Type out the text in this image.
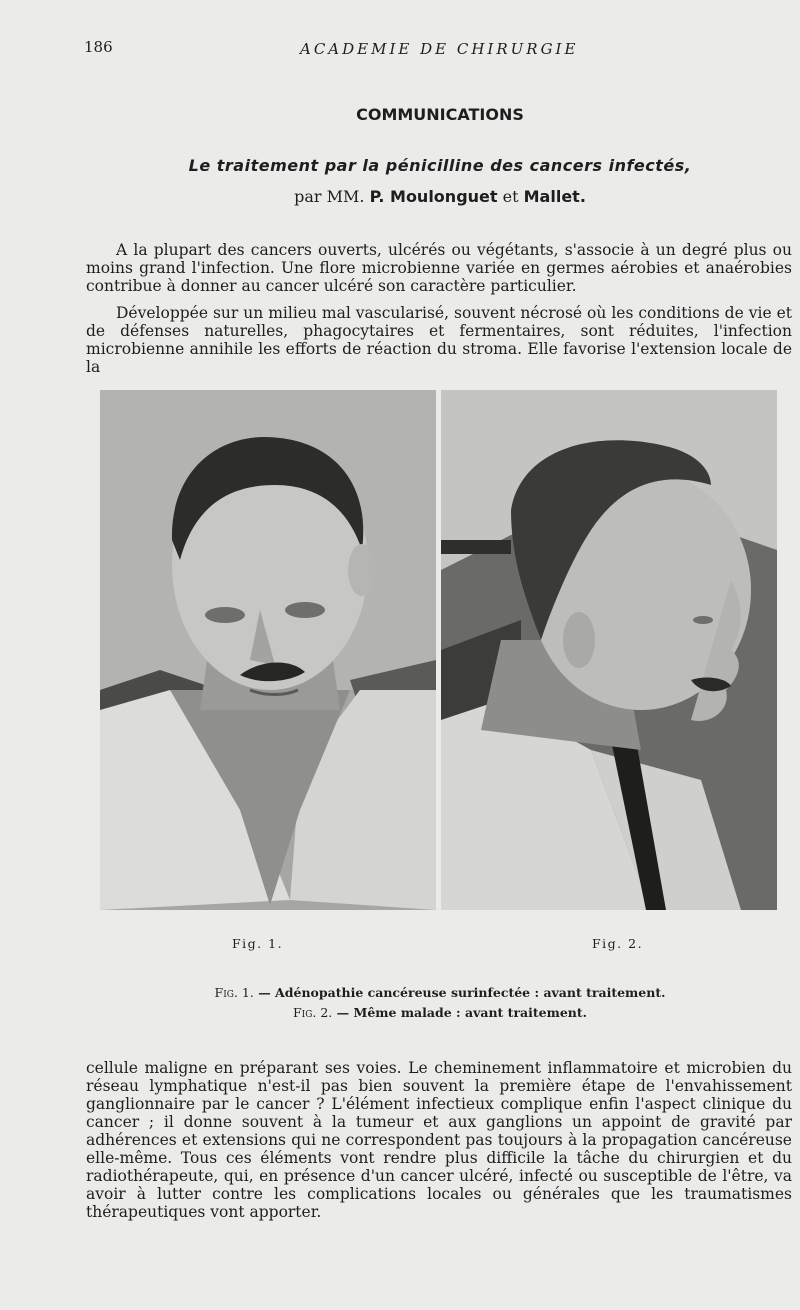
186	ACADEMIE DE CHIRURGIE
COMMUNICATIONS
Le traitement par la pénicilline des cancers infectés,
par MM. P. Moulonguet et Mallet.

A la plupart des cancers ouverts, ulcérés ou végétants, s'associe à un degré plus ou moins grand l'infection. Une flore microbienne variée en germes aérobies et anaérobies contribue à donner au cancer ulcéré son caractère particulier.

Développée sur un milieu mal vascularisé, souvent nécrosé où les conditions de vie et de défenses naturelles, phagocytaires et fermentaires, sont réduites, l'infection microbienne annihile les efforts de réaction du stroma. Elle favorise l'extension locale de la

Fig. 1.	Fig. 2.
Fig. 1. — Adénopathie cancéreuse surinfectée : avant traitement.
Fig. 2. — Même malade : avant traitement.

cellule maligne en préparant ses voies. Le cheminement inflammatoire et microbien du réseau lymphatique n'est-il pas bien souvent la première étape de l'envahissement ganglionnaire par le cancer ? L'élément infectieux complique enfin l'aspect clinique du cancer ; il donne souvent à la tumeur et aux ganglions un appoint de gravité par adhérences et extensions qui ne correspondent pas toujours à la propagation cancéreuse elle-même. Tous ces éléments vont rendre plus difficile la tâche du chirurgien et du radiothérapeute, qui, en présence d'un cancer ulcéré, infecté ou susceptible de l'être, va avoir à lutter contre les complications locales ou générales que les traumatismes thérapeutiques vont apporter.
